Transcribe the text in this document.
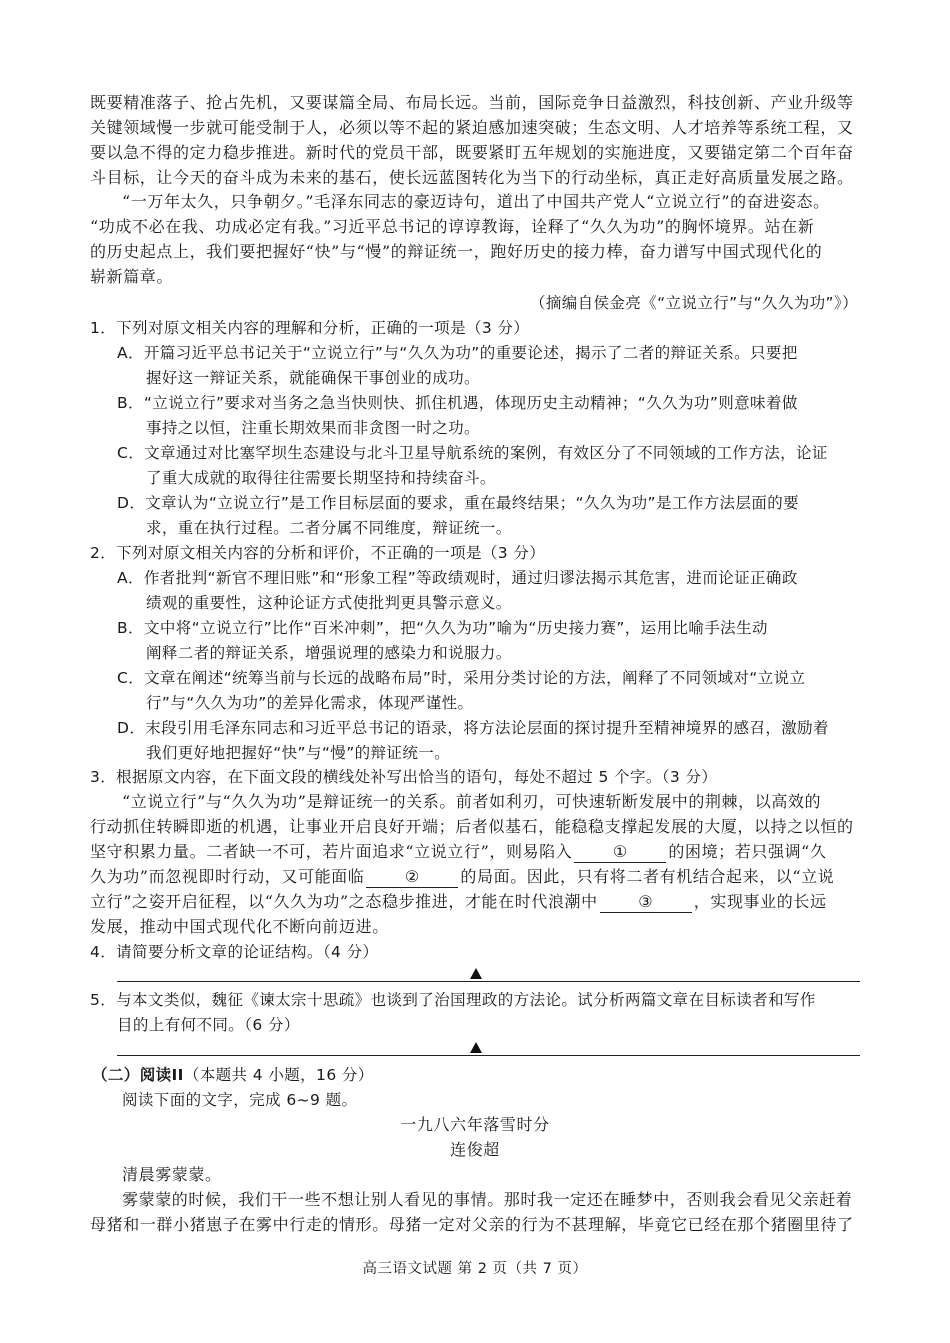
既要精准落子、抢占先机，又要谋篇全局、布局长远。当前，国际竞争日益激烈，科技创新、产业升级等
关键领域慢一步就可能受制于人，必须以等不起的紧迫感加速突破；生态文明、人才培养等系统工程，又
要以急不得的定力稳步推进。新时代的党员干部，既要紧盯五年规划的实施进度，又要锚定第二个百年奋
斗目标，让今天的奋斗成为未来的基石，使长远蓝图转化为当下的行动坐标，真正走好高质量发展之路。
“一万年太久，只争朝夕。”毛泽东同志的豪迈诗句，道出了中国共产党人“立说立行”的奋进姿态。
“功成不必在我、功成必定有我。”习近平总书记的谆谆教诲，诠释了“久久为功”的胸怀境界。站在新
的历史起点上，我们要把握好“快”与“慢”的辩证统一，跑好历史的接力棒，奋力谱写中国式现代化的
崭新篇章。
（摘编自侯金亮《“立说立行”与“久久为功”》）
1．下列对原文相关内容的理解和分析，正确的一项是（3 分）
A．开篇习近平总书记关于“立说立行”与“久久为功”的重要论述，揭示了二者的辩证关系。只要把
握好这一辩证关系，就能确保干事创业的成功。
B．“立说立行”要求对当务之急当快则快、抓住机遇，体现历史主动精神；“久久为功”则意味着做
事持之以恒，注重长期效果而非贪图一时之功。
C．文章通过对比塞罕坝生态建设与北斗卫星导航系统的案例，有效区分了不同领域的工作方法，论证
了重大成就的取得往往需要长期坚持和持续奋斗。
D．文章认为“立说立行”是工作目标层面的要求，重在最终结果；“久久为功”是工作方法层面的要
求，重在执行过程。二者分属不同维度，辩证统一。
2．下列对原文相关内容的分析和评价，不正确的一项是（3 分）
A．作者批判“新官不理旧账”和“形象工程”等政绩观时，通过归谬法揭示其危害，进而论证正确政
绩观的重要性，这种论证方式使批判更具警示意义。
B．文中将“立说立行”比作“百米冲刺”，把“久久为功”喻为“历史接力赛”，运用比喻手法生动
阐释二者的辩证关系，增强说理的感染力和说服力。
C．文章在阐述“统筹当前与长远的战略布局”时，采用分类讨论的方法，阐释了不同领域对“立说立
行”与“久久为功”的差异化需求，体现严谨性。
D．末段引用毛泽东同志和习近平总书记的语录，将方法论层面的探讨提升至精神境界的感召，激励着
我们更好地把握好“快”与“慢”的辩证统一。
3．根据原文内容，在下面文段的横线处补写出恰当的语句，每处不超过 5 个字。（3 分）
“立说立行”与“久久为功”是辩证统一的关系。前者如利刃，可快速斩断发展中的荆棘，以高效的
行动抓住转瞬即逝的机遇，让事业开启良好开端；后者似基石，能稳稳支撑起发展的大厦，以持之以恒的
坚守积累力量。二者缺一不可，若片面追求“立说立行”，则易陷入	①	的困境；若只强调“久
久为功”而忽视即时行动，又可能面临	②	的局面。因此，只有将二者有机结合起来，以“立说
立行”之姿开启征程，以“久久为功”之态稳步推进，才能在时代浪潮中	③	，实现事业的长远
发展，推动中国式现代化不断向前迈进。
4．请简要分析文章的论证结构。（4 分）
5．与本文类似，魏征《谏太宗十思疏》也谈到了治国理政的方法论。试分析两篇文章在目标读者和写作
目的上有何不同。（6 分）
（二）阅读II（本题共 4 小题，16 分）
阅读下面的文字，完成 6~9 题。
一九八六年落雪时分
连俊超
清晨雾蒙蒙。
雾蒙蒙的时候，我们干一些不想让别人看见的事情。那时我一定还在睡梦中，否则我会看见父亲赶着
母猪和一群小猪崽子在雾中行走的情形。母猪一定对父亲的行为不甚理解，毕竟它已经在那个猪圈里待了
高三语文试题 第 2 页（共 7 页）
